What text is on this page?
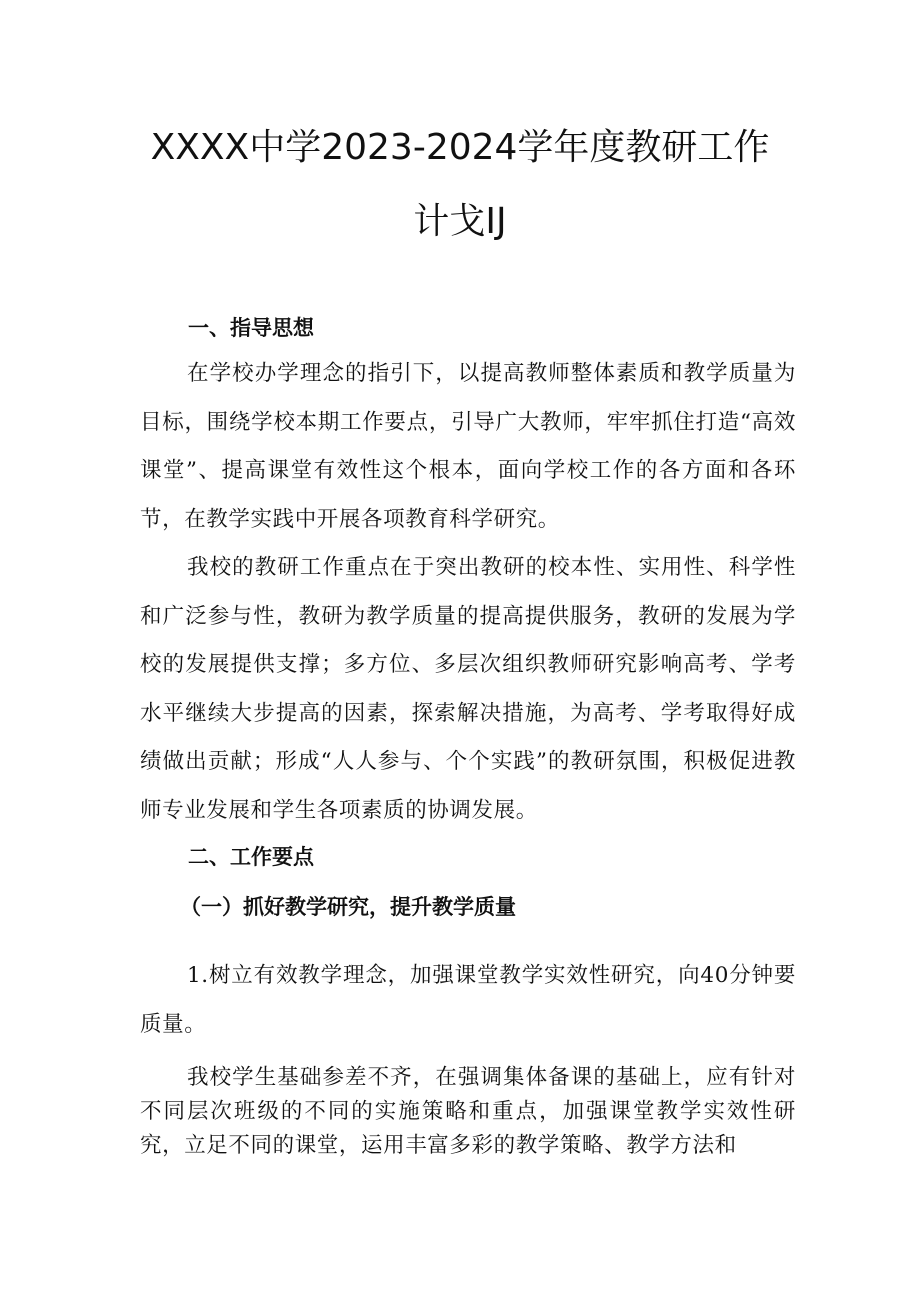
XXXX中学2023-2024学年度教研工作
计戈IJ
一、指导思想
在学校办学理念的指引下，以提高教师整体素质和教学质量为目标，围绕学校本期工作要点，引导广大教师，牢牢抓住打造“高效课堂”、提高课堂有效性这个根本，面向学校工作的各方面和各环节，在教学实践中开展各项教育科学研究。
我校的教研工作重点在于突出教研的校本性、实用性、科学性和广泛参与性，教研为教学质量的提高提供服务，教研的发展为学校的发展提供支撑；多方位、多层次组织教师研究影响高考、学考水平继续大步提高的因素，探索解决措施，为高考、学考取得好成绩做出贡献；形成“人人参与、个个实践”的教研氛围，积极促进教师专业发展和学生各项素质的协调发展。
二、工作要点
（一）抓好教学研究，提升教学质量
1.树立有效教学理念，加强课堂教学实效性研究，向40分钟要质量。
我校学生基础参差不齐，在强调集体备课的基础上，应有针对不同层次班级的不同的实施策略和重点，加强课堂教学实效性研究，立足不同的课堂，运用丰富多彩的教学策略、教学方法和
